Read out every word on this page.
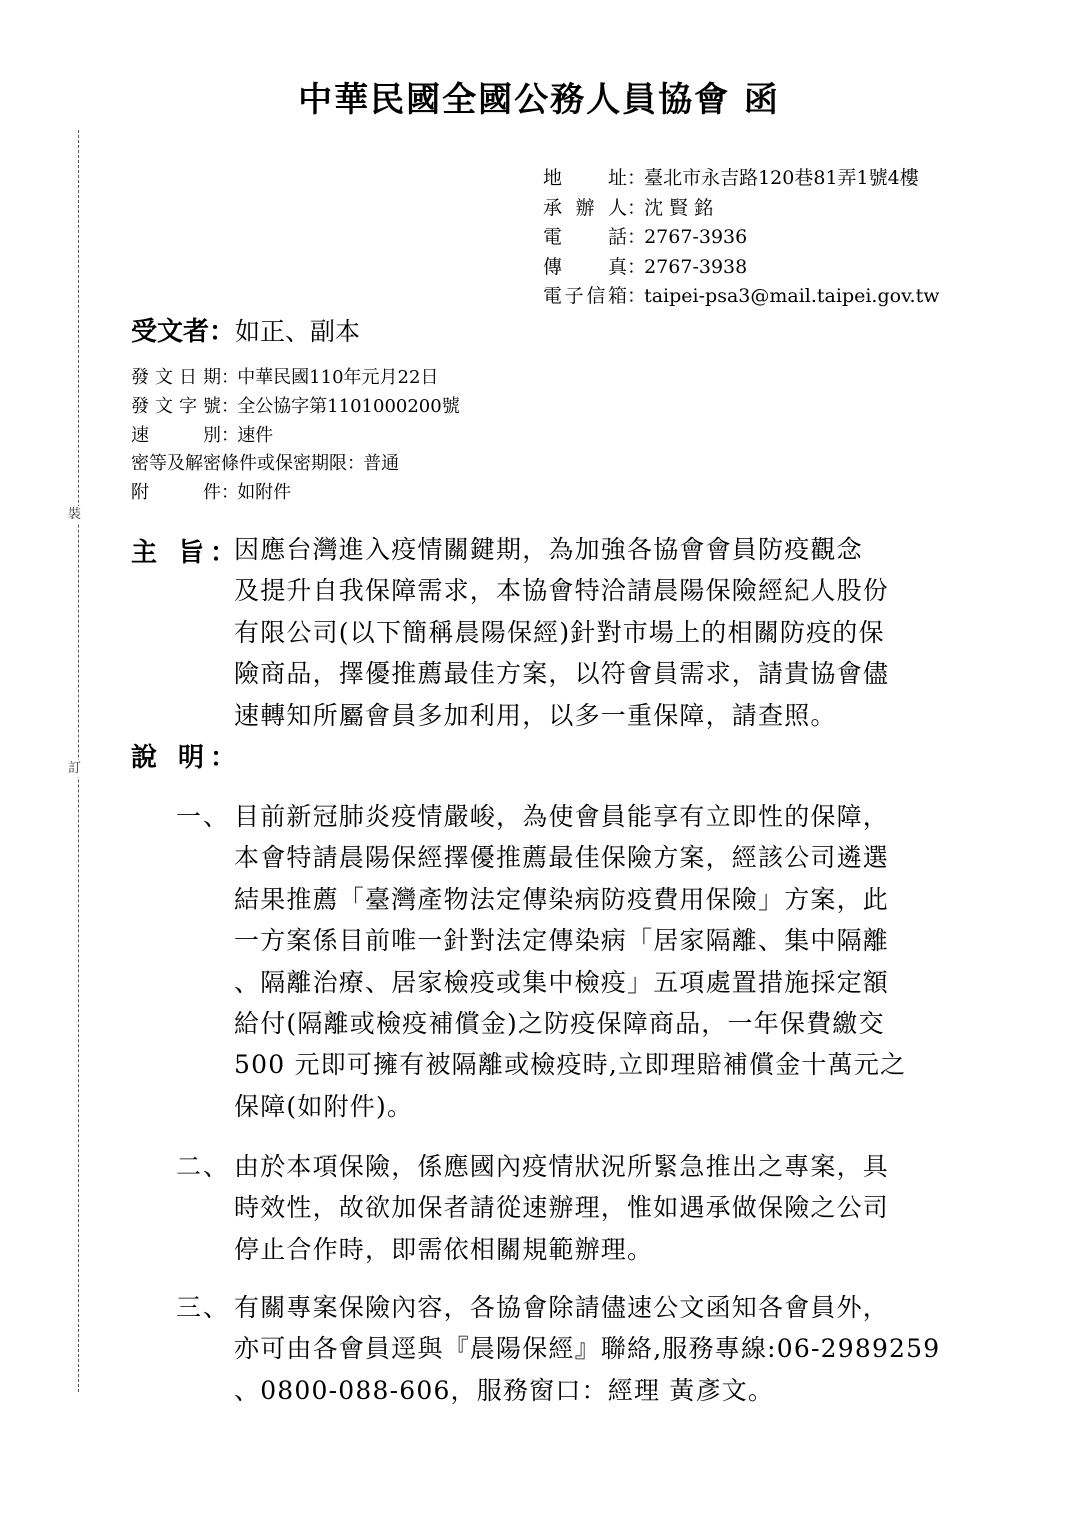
裝
訂
中華民國全國公務人員協會 函
地 址：臺北市永吉路120巷81弄1號4樓
承辦人：沈 賢 銘
電 話：2767-3936
傳 真：2767-3938
電子信箱：taipei-psa3@mail.taipei.gov.tw
受文者：如正、副本
發文日期：中華民國110年元月22日
發文字號：全公協字第1101000200號
速 別：速件
密等及解密條件或保密期限：普通
附 件：如附件
主 旨：
因應台灣進入疫情關鍵期，為加強各協會會員防疫觀念
及提升自我保障需求，本協會特洽請晨陽保險經紀人股份
有限公司(以下簡稱晨陽保經)針對市場上的相關防疫的保
險商品，擇優推薦最佳方案，以符會員需求，請貴協會儘
速轉知所屬會員多加利用，以多一重保障，請查照。
說 明：
一、 目前新冠肺炎疫情嚴峻，為使會員能享有立即性的保障，
本會特請晨陽保經擇優推薦最佳保險方案，經該公司遴選
結果推薦「臺灣產物法定傳染病防疫費用保險」方案，此
一方案係目前唯一針對法定傳染病「居家隔離、集中隔離
、隔離治療、居家檢疫或集中檢疫」五項處置措施採定額
給付(隔離或檢疫補償金)之防疫保障商品，一年保費繳交
500 元即可擁有被隔離或檢疫時,立即理賠補償金十萬元之
保障(如附件)。
二、 由於本項保險，係應國內疫情狀況所緊急推出之專案，具
時效性，故欲加保者請從速辦理，惟如遇承做保險之公司
停止合作時，即需依相關規範辦理。
三、 有關專案保險內容，各協會除請儘速公文函知各會員外，
亦可由各會員逕與『晨陽保經』聯絡,服務專線:06-2989259
、0800-088-606，服務窗口：經理 黃彥文。
